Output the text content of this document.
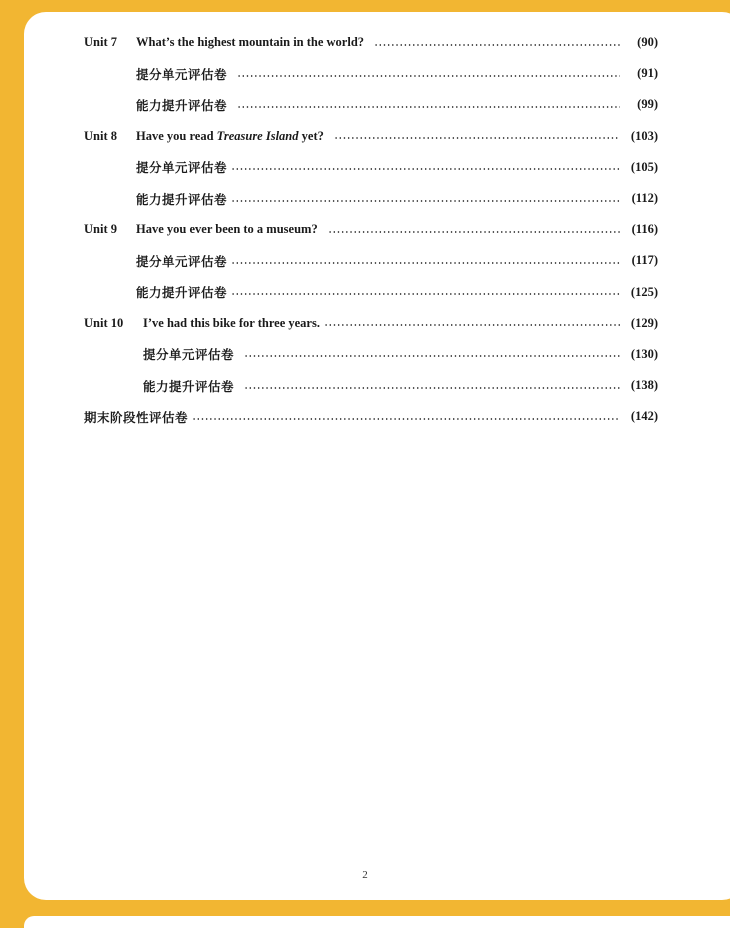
Unit 7	What’s the highest mountain in the world?	(90)
提分单元评估卷	(91)
能力提升评估卷	(99)
Unit 8	Have you read Treasure Island yet?	(103)
提分单元评估卷	(105)
能力提升评估卷	(112)
Unit 9	Have you ever been to a museum?	(116)
提分单元评估卷	(117)
能力提升评估卷	(125)
Unit 10	I’ve had this bike for three years.	(129)
提分单元评估卷	(130)
能力提升评估卷	(138)
期末阶段性评估卷	(142)
2
